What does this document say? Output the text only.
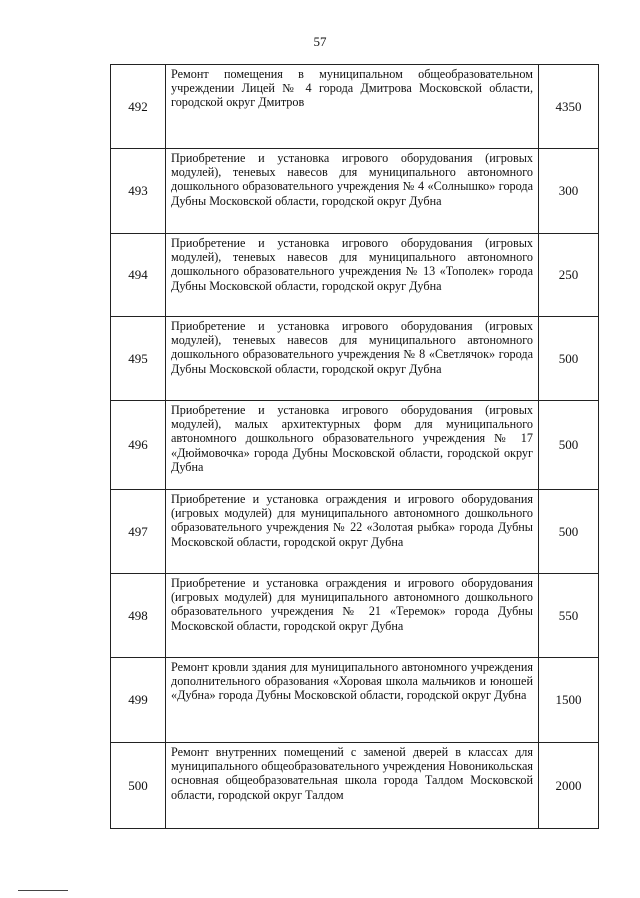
57
492	Ремонт помещения в муниципальном общеобразовательном учреждении Лицей № 4 города Дмитрова Московской области, городской округ Дмитров	4350
493	Приобретение и установка игрового оборудования (игровых модулей), теневых навесов для муниципального автономного дошкольного образовательного учреждения № 4 «Солнышко» города Дубны Московской области, городской округ Дубна	300
494	Приобретение и установка игрового оборудования (игровых модулей), теневых навесов для муниципального автономного дошкольного образовательного учреждения № 13 «Тополек» города Дубны Московской области, городской округ Дубна	250
495	Приобретение и установка игрового оборудования (игровых модулей), теневых навесов для муниципального автономного дошкольного образовательного учреждения № 8 «Светлячок» города Дубны Московской области, городской округ Дубна	500
496	Приобретение и установка игрового оборудования (игровых модулей), малых архитектурных форм для муниципального автономного дошкольного образовательного учреждения № 17 «Дюймовочка» города Дубны Московской области, городской округ Дубна	500
497	Приобретение и установка ограждения и игрового оборудования (игровых модулей) для муниципального автономного дошкольного образовательного учреждения № 22 «Золотая рыбка» города Дубны Московской области, городской округ Дубна	500
498	Приобретение и установка ограждения и игрового оборудования (игровых модулей) для муниципального автономного дошкольного образовательного учреждения № 21 «Теремок» города Дубны Московской области, городской округ Дубна	550
499	Ремонт кровли здания для муниципального автономного учреждения дополнительного образования «Хоровая школа мальчиков и юношей «Дубна» города Дубны Московской области, городской округ Дубна	1500
500	Ремонт внутренних помещений с заменой дверей в классах для муниципального общеобразовательного учреждения Новоникольская основная общеобразовательная школа города Талдом Московской области, городской округ Талдом	2000
